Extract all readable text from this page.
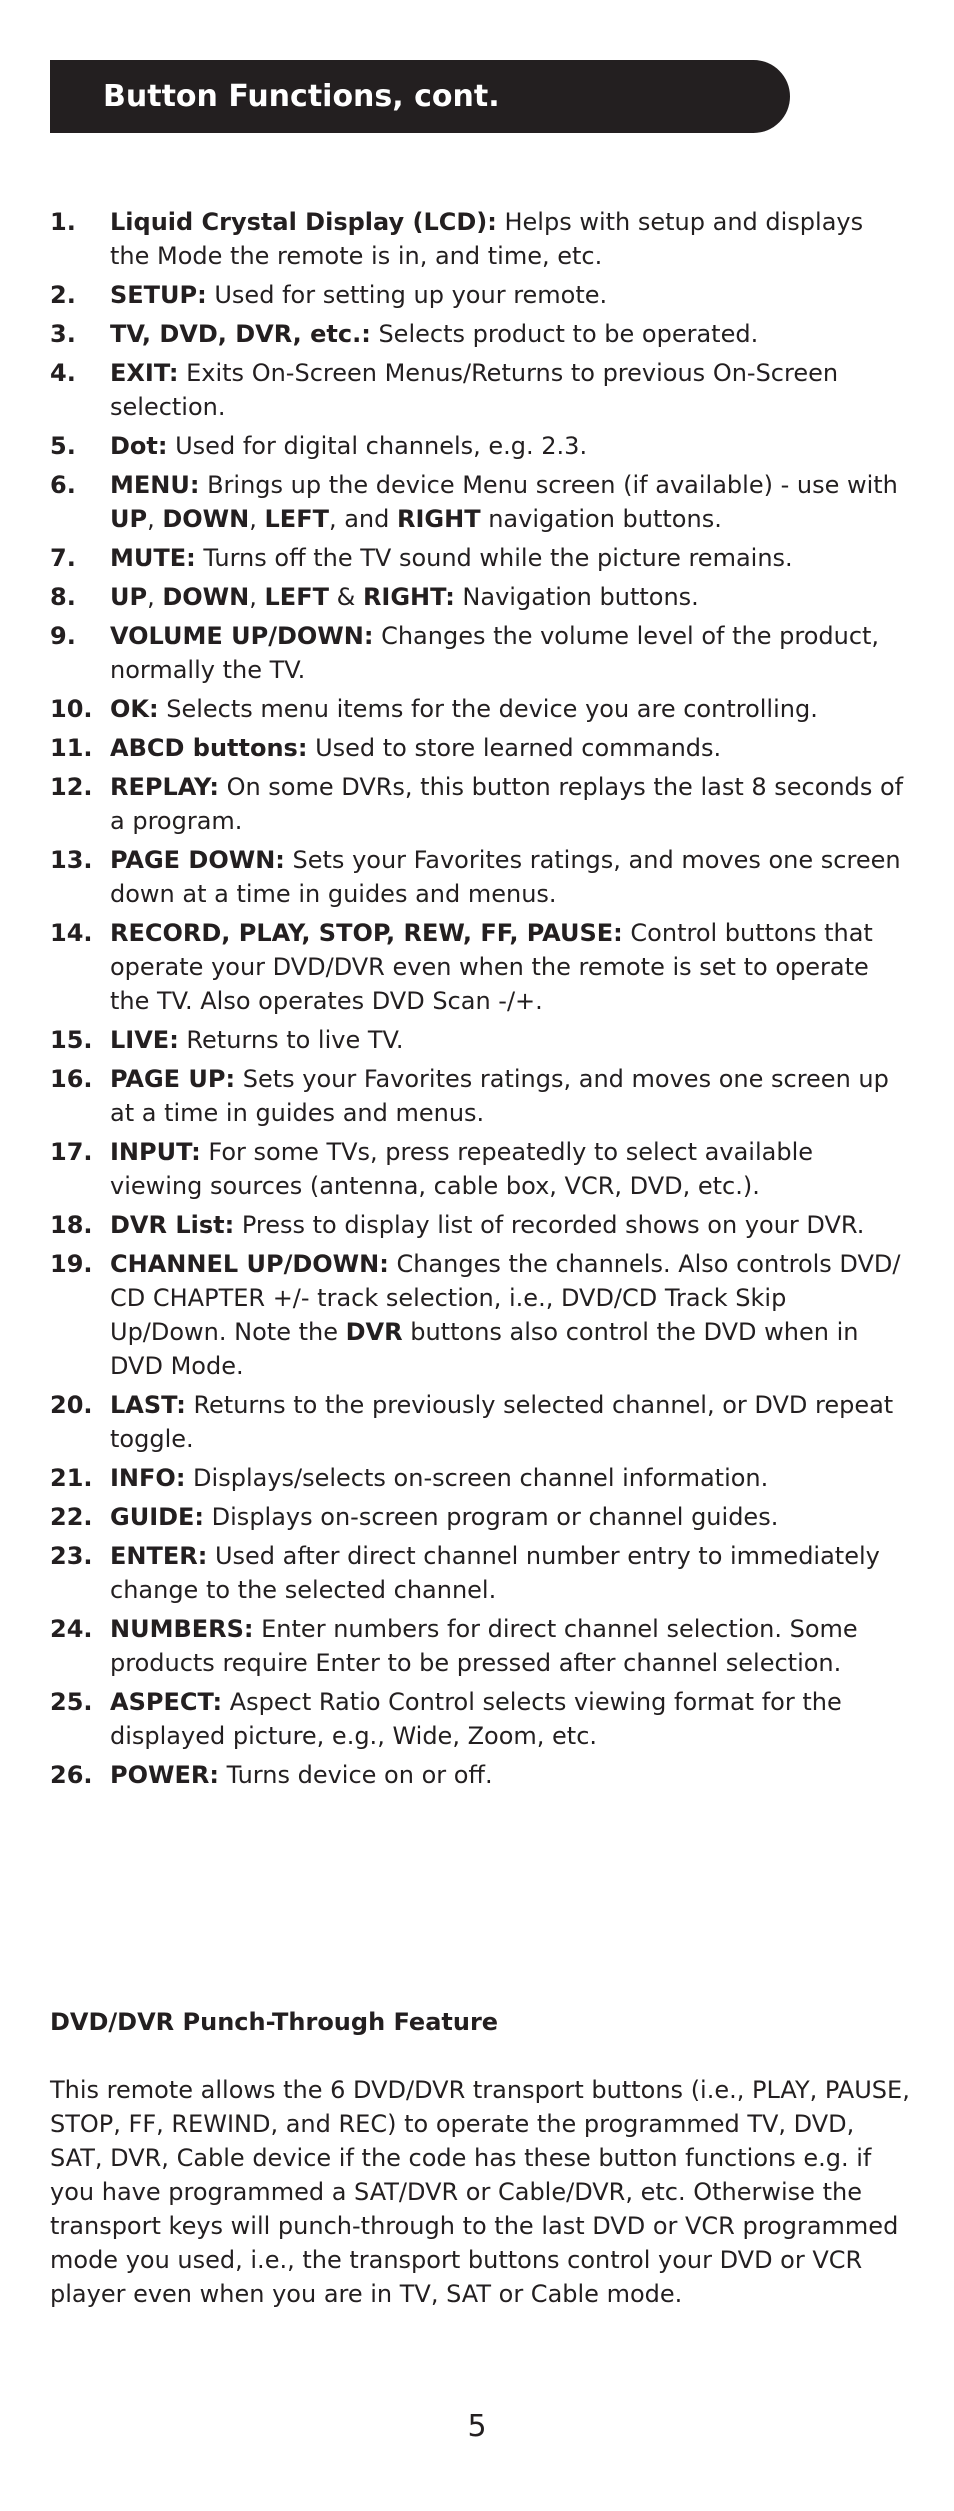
Button Functions, cont.
1. Liquid Crystal Display (LCD): Helps with setup and displays the Mode the remote is in, and time, etc.
2. SETUP: Used for setting up your remote.
3. TV, DVD, DVR, etc.: Selects product to be operated.
4. EXIT: Exits On-Screen Menus/Returns to previous On-Screen selection.
5. Dot: Used for digital channels, e.g. 2.3.
6. MENU: Brings up the device Menu screen (if available) - use with
UP, DOWN, LEFT, and RIGHT navigation buttons.
7. MUTE: Turns off the TV sound while the picture remains.
8. UP, DOWN, LEFT & RIGHT: Navigation buttons.
9. VOLUME UP/DOWN: Changes the volume level of the product, normally the TV.
10. OK: Selects menu items for the device you are controlling.
11. ABCD buttons: Used to store learned commands.
12. REPLAY: On some DVRs, this button replays the last 8 seconds of a program.
13. PAGE DOWN: Sets your Favorites ratings, and moves one screen down at a time in guides and menus.
14. RECORD, PLAY, STOP, REW, FF, PAUSE: Control buttons that operate your DVD/DVR even when the remote is set to operate the TV. Also operates DVD Scan -/+.
15. LIVE: Returns to live TV.
16. PAGE UP: Sets your Favorites ratings, and moves one screen up at a time in guides and menus.
17. INPUT: For some TVs, press repeatedly to select available viewing sources (antenna, cable box, VCR, DVD, etc.).
18. DVR List: Press to display list of recorded shows on your DVR.
19. CHANNEL UP/DOWN: Changes the channels. Also controls DVD/ CD CHAPTER +/- track selection, i.e., DVD/CD Track Skip Up/Down. Note the DVR buttons also control the DVD when in DVD Mode.
20. LAST: Returns to the previously selected channel, or DVD repeat toggle.
21. INFO: Displays/selects on-screen channel information.
22. GUIDE: Displays on-screen program or channel guides.
23. ENTER: Used after direct channel number entry to immediately change to the selected channel.
24. NUMBERS: Enter numbers for direct channel selection. Some products require Enter to be pressed after channel selection.
25. ASPECT: Aspect Ratio Control selects viewing format for the displayed picture, e.g., Wide, Zoom, etc.
26. POWER: Turns device on or off.
DVD/DVR Punch-Through Feature
This remote allows the 6 DVD/DVR transport buttons (i.e., PLAY, PAUSE, STOP, FF, REWIND, and REC) to operate the programmed TV, DVD, SAT, DVR, Cable device if the code has these button functions e.g. if you have programmed a SAT/DVR or Cable/DVR, etc. Otherwise the transport keys will punch-through to the last DVD or VCR programmed mode you used, i.e., the transport buttons control your DVD or VCR player even when you are in TV, SAT or Cable mode.
5
